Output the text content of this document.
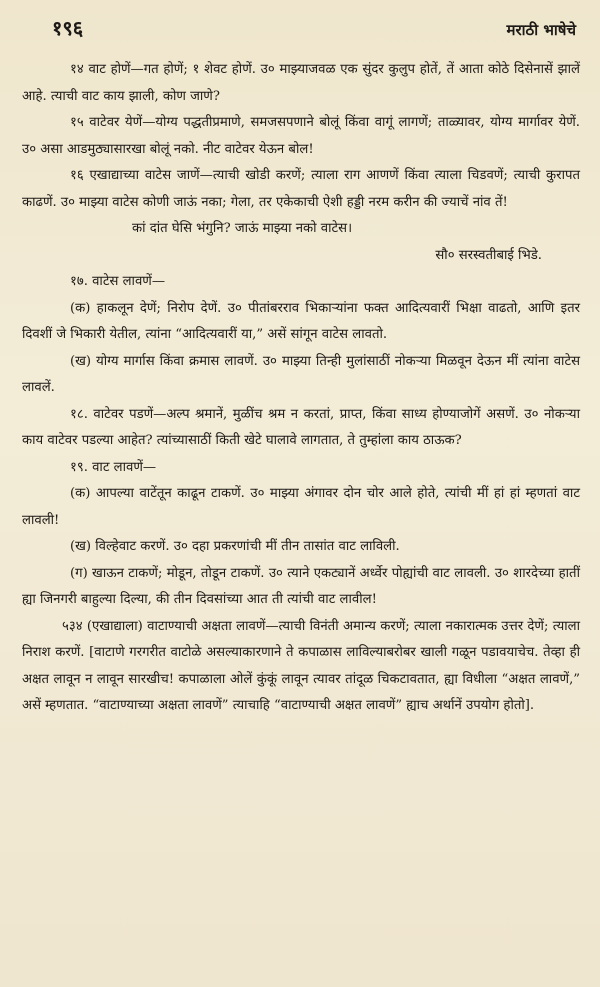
१९६	मराठी भाषेचे

१४ वाट होणें—गत होणें; १ शेवट होणें. उ० माझ्याजवळ एक सुंदर कुलुप होतें, तें आता कोठे दिसेनासें झालें आहे. त्याची वाट काय झाली, कोण जाणे?

१५ वाटेवर येणें—योग्य पद्धतीप्रमाणे, समजसपणाने बोलूं किंवा वागूं लागणें; ताळ्यावर, योग्य मार्गावर येणें. उ० असा आडमुठ्यासारखा बोलूं नको. नीट वाटेवर येऊन बोल!

१६ एखाद्याच्या वाटेस जाणें—त्याची खोडी करणें; त्याला राग आणणें किंवा त्याला चिडवणें; त्याची कुरापत काढणें. उ० माझ्या वाटेस कोणी जाऊं नका; गेला, तर एकेकाची ऐशी हड्डी नरम करीन की ज्याचें नांव तें!

कां दांत घेसि भंगुनि? जाऊं माझ्या नको वाटेस।

सौ० सरस्वतीबाई भिडे.

१७. वाटेस लावणें—

(क) हाकलून देणें; निरोप देणें. उ० पीतांबरराव भिकाऱ्यांना फक्त आदित्यवारीं भिक्षा वाढतो, आणि इतर दिवशीं जे भिकारी येतील, त्यांना “आदित्यवारीं या,” असें सांगून वाटेस लावतो.

(ख) योग्य मार्गास किंवा क्रमास लावणें. उ० माझ्या तिन्ही मुलांसाठीं नोकऱ्या मिळवून देऊन मीं त्यांना वाटेस लावलें.

१८. वाटेवर पडणें—अल्प श्रमानें, मुळींच श्रम न करतां, प्राप्त, किंवा साध्य होण्याजोगें असणें. उ० नोकऱ्या काय वाटेवर पडल्या आहेत? त्यांच्यासाठीं किती खेटे घालावे लागतात, ते तुम्हांला काय ठाऊक?

१९. वाट लावणें—

(क) आपल्या वाटेंतून काढून टाकणें. उ० माझ्या अंगावर दोन चोर आले होते, त्यांची मीं हां हां म्हणतां वाट लावली!

(ख) विल्हेवाट करणें. उ० दहा प्रकरणांची मीं तीन तासांत वाट लाविली.

(ग) खाऊन टाकणें; मोडून, तोडून टाकणें. उ० त्याने एकट्यानें अर्ध्वेर पोह्यांची वाट लावली. उ० शारदेच्या हातीं ह्या जिनगरी बाहुल्या दिल्या, की तीन दिवसांच्या आत ती त्यांची वाट लावील!

५३४ (एखाद्याला) वाटाण्याची अक्षता लावणें—त्याची विनंती अमान्य करणें; त्याला नकारात्मक उत्तर देणें; त्याला निराश करणें. [वाटाणे गरगरीत वाटोळे असल्याकारणाने ते कपाळास लाविल्याबरोबर खाली गळून पडावयाचेच. तेव्हा ही अक्षत लावून न लावून सारखीच! कपाळाला ओलें कुंकूं लावून त्यावर तांदूळ चिकटावतात, ह्या विधीला “अक्षत लावणें,” असें म्हणतात. “वाटाण्याच्या अक्षता लावणें” त्याचाहि “वाटाण्याची अक्षत लावणें” ह्याच अर्थानें उपयोग होतो].
